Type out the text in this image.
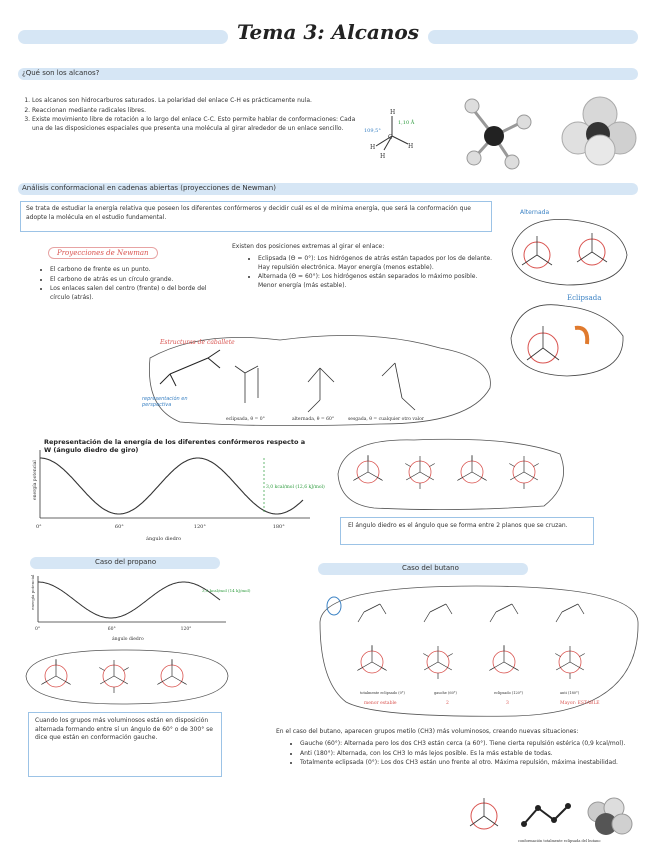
Tema 3: Alcanos
¿Qué son los alcanos?
1. Los alcanos son hidrocarburos saturados. La polaridad del enlace C-H es prácticamente nula.
2. Reaccionan mediante radicales libres.
3. Existe movimiento libre de rotación a lo largo del enlace C-C. Esto permite hablar de conformaciones: Cada una de las disposiciones espaciales que presenta una molécula al girar alrededor de un enlace sencillo.
H
C
H	H
H
109,5°
1,10 Å
Análisis conformacional en cadenas abiertas (proyecciones de Newman)
Se trata de estudiar la energía relativa que poseen los diferentes confórmeros y decidir cuál es el de mínima energía, que será la conformación que adopte la molécula en el estudio fundamental.
Proyecciones de Newman
• El carbono de frente es un punto.
• El carbono de atrás es un círculo grande.
• Los enlaces salen del centro (frente) o del borde del círculo (atrás).
Existen dos posiciones extremas al girar el enlace:
• Eclipsada (Θ = 0°): Los hidrógenos de atrás están tapados por los de delante. Hay repulsión electrónica. Mayor energía (menos estable).
• Alternada (Θ = 60°): Los hidrógenos están separados lo máximo posible. Menor energía (más estable).
Alternada
Eclipsada
Estructuras de caballete
eclipsada, θ = 0°	alternada, θ = 60°	sesgada, θ = cualquier otro valor
representación en perspectiva
0°	60°	120°	180°
energía potencial
ángulo diedro
3,0 kcal/mol (12,6 kJ/mol)
Representación de la energía de los diferentes confórmeros respecto a W (ángulo diedro de giro)
El ángulo diedro es el ángulo que se forma entre 2 planos que se cruzan.
Caso del propano
0°	60°	120°
energía potencial
ángulo diedro
3,3 kcal/mol (14 kJ/mol)
Cuando los grupos más voluminosos están en disposición alternada formando entre sí un ángulo de 60° o de 300° se dice que están en conformación gauche.
Caso del butano
totalmente eclipsado (0°)	gauche (60°)	eclipsado (120°)	anti (180°)
menor estable	2	3	Mayor: ESTABLE
En el caso del butano, aparecen grupos metilo (CH3) más voluminosos, creando nuevas situaciones:
• Gauche (60°): Alternada pero los dos CH3 están cerca (a 60°). Tiene cierta repulsión estérica (0,9 kcal/mol).
• Anti (180°): Alternada, con los CH3 lo más lejos posible. Es la más estable de todas.
• Totalmente eclipsada (0°): Los dos CH3 están uno frente al otro. Máxima repulsión, máxima inestabilidad.
conformación totalmente eclipsada del butano
